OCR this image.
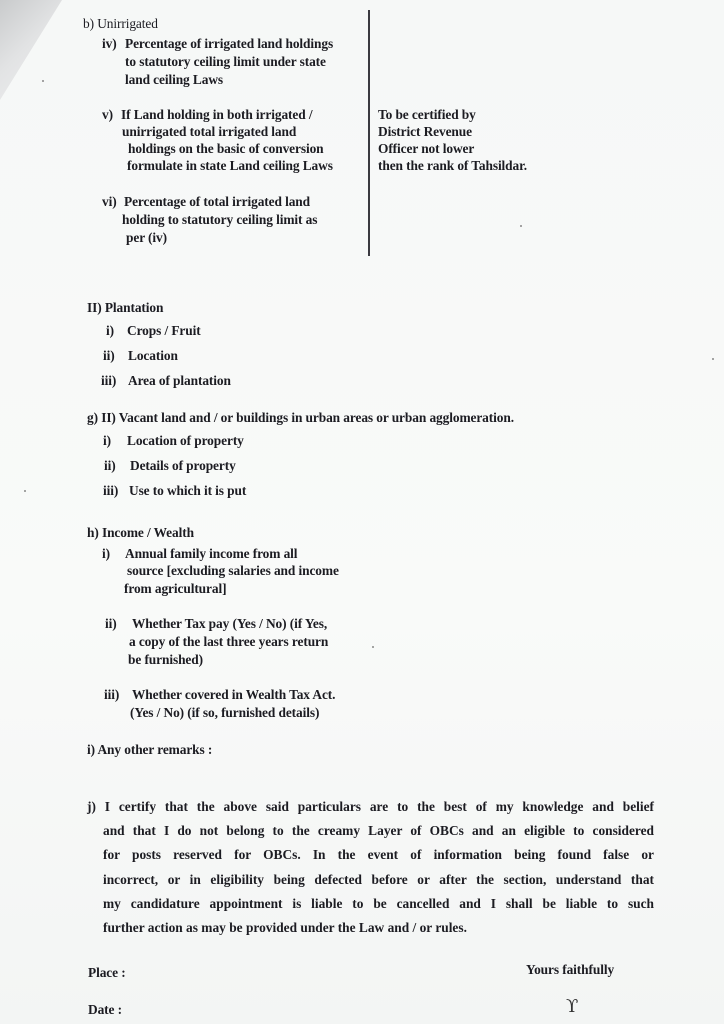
b) Unirrigated
iv) Percentage of irrigated land holdings
to statutory ceiling limit under state
land ceiling Laws
v) If Land holding in both irrigated /
unirrigated total irrigated land
holdings on the basic of conversion
formulate in state Land ceiling Laws
vi) Percentage of total irrigated land
holding to statutory ceiling limit as
per (iv)
To be certified by
District Revenue
Officer not lower
then the rank of Tahsildar.
II) Plantation
i) Crops / Fruit
ii) Location
iii) Area of plantation
g) II) Vacant land and / or buildings in urban areas or urban agglomeration.
i) Location of property
ii) Details of property
iii) Use to which it is put
h) Income / Wealth
i) Annual family income from all
source [excluding salaries and income
from agricultural]
ii) Whether Tax pay (Yes / No) (if Yes,
a copy of the last three years return
be furnished)
iii) Whether covered in Wealth Tax Act.
(Yes / No) (if so, furnished details)
i) Any other remarks :
j) I certify that the above said particulars are to the best of my knowledge and belief
and that I do not belong to the creamy Layer of OBCs and an eligible to considered
for posts reserved for OBCs. In the event of information being found false or
incorrect, or in eligibility being defected before or after the section, understand that
my candidature appointment is liable to be cancelled and I shall be liable to such
further action as may be provided under the Law and / or rules.
Place :	Yours faithfully
Date :	ϒ
